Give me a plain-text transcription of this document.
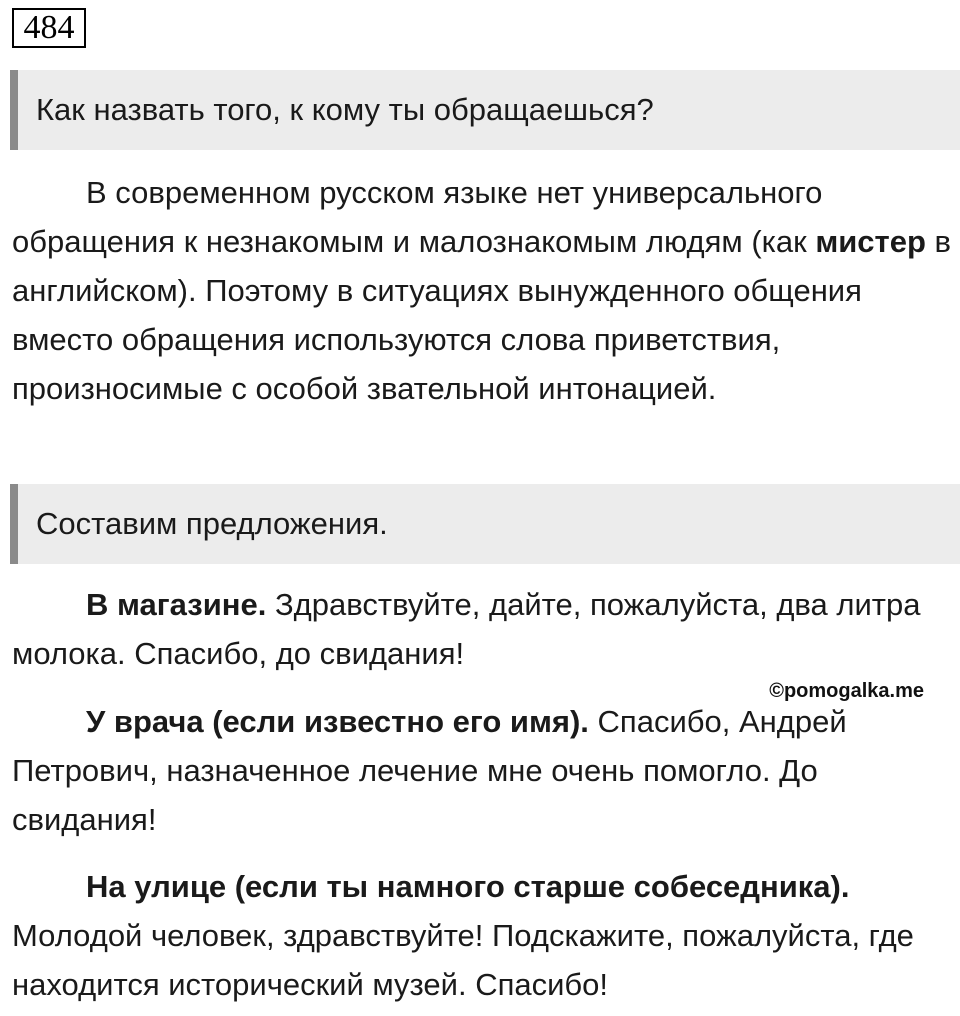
484
Как назвать того, к кому ты обращаешься?

В современном русском языке нет универсального обращения к незнакомым и малознакомым людям (как мистер в английском). Поэтому в ситуациях вынужденного общения вместо обращения используются слова приветствия, произносимые с особой звательной интонацией.

Составим предложения.

В магазине. Здравствуйте, дайте, пожалуйста, два литра молока. Спасибо, до свидания!

©pomogalka.me

У врача (если известно его имя). Спасибо, Андрей Петрович, назначенное лечение мне очень помогло. До свидания!

На улице (если ты намного старше собеседника). Молодой человек, здравствуйте! Подскажите, пожалуйста, где находится исторический музей. Спасибо!
